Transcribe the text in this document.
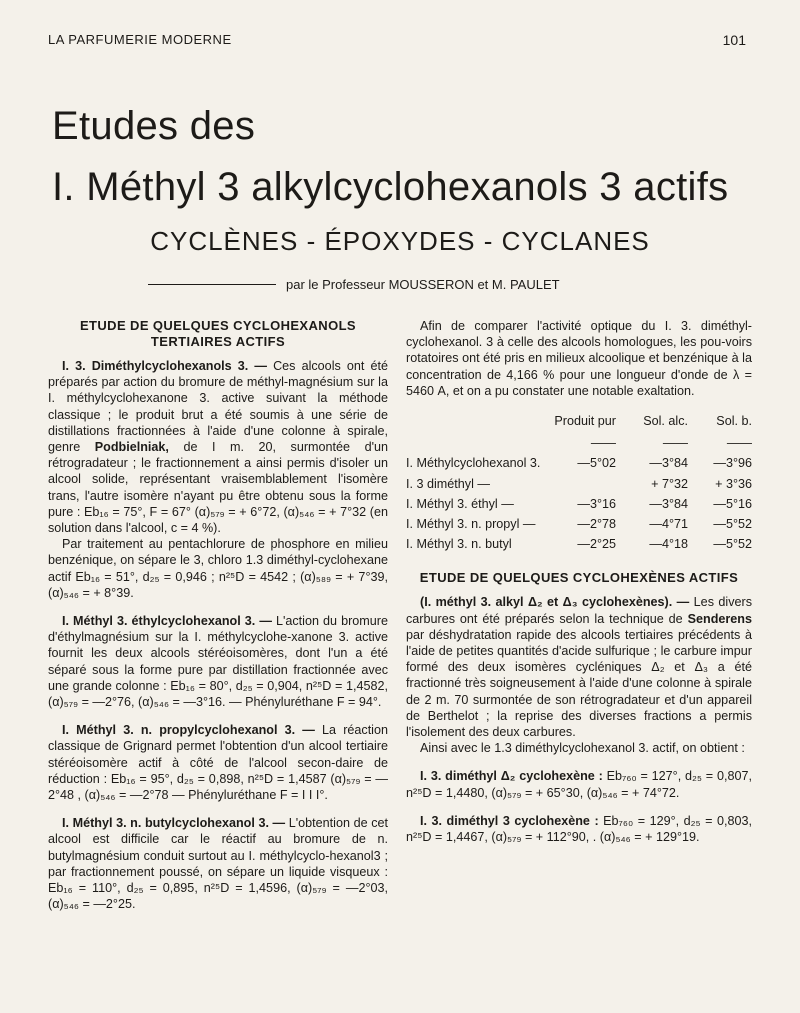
LA PARFUMERIE MODERNE	101
Etudes des
I. Méthyl 3 alkylcyclohexanols 3 actifs
CYCLÈNES - ÉPOXYDES - CYCLANES
par le Professeur MOUSSERON et M. PAULET
ETUDE DE QUELQUES CYCLOHEXANOLS TERTIAIRES ACTIFS

I. 3. Diméthylcyclohexanols 3. — Ces alcools ont été préparés par action du bromure de méthyl-magnésium sur la I. méthylcyclohexanone 3. active suivant la méthode classique ; le produit brut a été soumis à une série de distillations fractionnées à l'aide d'une colonne à spirale, genre Podbielniak, de I m. 20, surmontée d'un rétrogradateur ; le fractionnement a ainsi permis d'isoler un alcool solide, représentant vraisemblablement l'isomère trans, l'autre isomère n'ayant pu être obtenu sous la forme pure : Eb₁₆ = 75°, F = 67° (α)₅₇₉ = + 6°72, (α)₅₄₆ = + 7°32 (en solution dans l'alcool, c = 4 %).

Par traitement au pentachlorure de phosphore en milieu benzénique, on sépare le 3, chloro 1.3 diméthyl-cyclohexane actif Eb₁₆ = 51°, d₂₅ = 0,946 ; n²⁵D = 4542 ; (α)₅₈₉ = + 7°39, (α)₅₄₆ = + 8°39.

I. Méthyl 3. éthylcyclohexanol 3. — L'action du bromure d'éthylmagnésium sur la I. méthylcyclohe-xanone 3. active fournit les deux alcools stéréoisomères, dont l'un a été séparé sous la forme pure par distillation fractionnée avec une grande colonne : Eb₁₆ = 80°, d₂₅ = 0,904, n²⁵D = 1,4582, (α)₅₇₉ = —2°76, (α)₅₄₆ = —3°16. — Phényluréthane F = 94°.

I. Méthyl 3. n. propylcyclohexanol 3. — La réaction classique de Grignard permet l'obtention d'un alcool tertiaire stéréoisomère actif à côté de l'alcool secon-daire de réduction : Eb₁₆ = 95°, d₂₅ = 0,898, n²⁵D = 1,4587 (α)₅₇₉ = —2°48 , (α)₅₄₆ = —2°78 — Phényluréthane F = I I I°.

I. Méthyl 3. n. butylcyclohexanol 3. — L'obtention de cet alcool est difficile car le réactif au bromure de n. butylmagnésium conduit surtout au I. méthylcyclo-hexanol3 ; par fractionnement poussé, on sépare un liquide visqueux : Eb₁₆ = 110°, d₂₅ = 0,895, n²⁵D = 1,4596, (α)₅₇₉ = —2°03, (α)₅₄₆ = —2°25.

Afin de comparer l'activité optique du I. 3. diméthyl-cyclohexanol. 3 à celle des alcools homologues, les pou-voirs rotatoires ont été pris en milieux alcoolique et benzénique à la concentration de 4,166 % pour une longueur d'onde de λ = 5460 A, et on a pu constater une notable exaltation.

	Produit pur	Sol. alc.	Sol. b.
	——	——	——
I. Méthylcyclohexanol 3.	—5°02	—3°84	—3°96
I. 3 diméthyl —		+ 7°32	+ 3°36
I. Méthyl 3. éthyl —	—3°16	—3°84	—5°16
I. Méthyl 3. n. propyl —	—2°78	—4°71	—5°52
I. Méthyl 3. n. butyl	—2°25	—4°18	—5°52
ETUDE DE QUELQUES CYCLOHEXÈNES ACTIFS

(I. méthyl 3. alkyl Δ₂ et Δ₃ cyclohexènes). — Les divers carbures ont été préparés selon la technique de Senderens par déshydratation rapide des alcools tertiaires précédents à l'aide de petites quantités d'acide sulfurique ; le carbure impur formé des deux isomères cycléniques Δ₂ et Δ₃ a été fractionné très soigneusement à l'aide d'une colonne à spirale de 2 m. 70 surmontée de son rétrogradateur et d'un appareil de Berthelot ; la reprise des diverses fractions a permis l'isolement des deux carbures.

Ainsi avec le 1.3 diméthylcyclohexanol 3. actif, on obtient :

I. 3. diméthyl Δ₂ cyclohexène : Eb₇₆₀ = 127°, d₂₅ = 0,807, n²⁵D = 1,4480, (α)₅₇₉ = + 65°30, (α)₅₄₆ = + 74°72.

I. 3. diméthyl 3 cyclohexène : Eb₇₆₀ = 129°, d₂₅ = 0,803, n²⁵D = 1,4467, (α)₅₇₉ = + 112°90, . (α)₅₄₆ = + 129°19.
